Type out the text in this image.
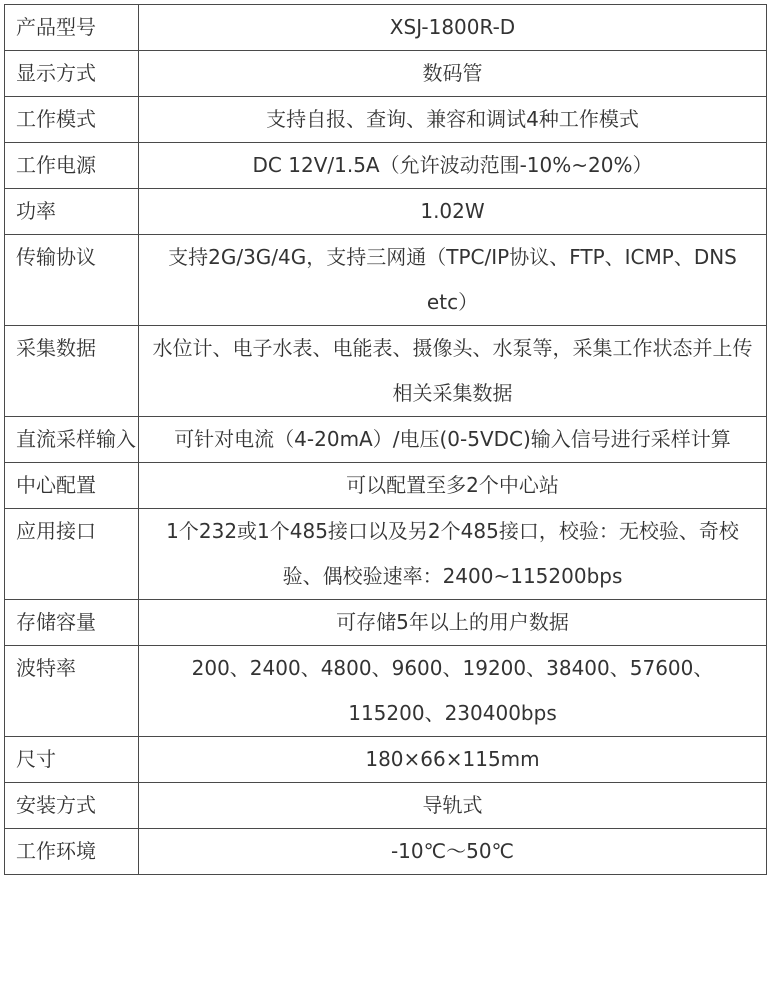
产品型号	XSJ-1800R-D
显示方式	数码管
工作模式	支持自报、查询、兼容和调试4种工作模式
工作电源	DC 12V/1.5A（允许波动范围-10%~20%）
功率	1.02W
传输协议	支持2G/3G/4G，支持三网通（TPC/IP协议、FTP、ICMP、DNS etc）
采集数据	水位计、电子水表、电能表、摄像头、水泵等，采集工作状态并上传相关采集数据
直流采样输入	可针对电流（4-20mA）/电压(0-5VDC)输入信号进行采样计算
中心配置	可以配置至多2个中心站
应用接口	1个232或1个485接口以及另2个485接口，校验：无校验、奇校验、偶校验速率：2400~115200bps
存储容量	可存储5年以上的用户数据
波特率	200、2400、4800、9600、19200、38400、57600、115200、230400bps
尺寸	180×66×115mm
安装方式	导轨式
工作环境	-10℃～50℃
